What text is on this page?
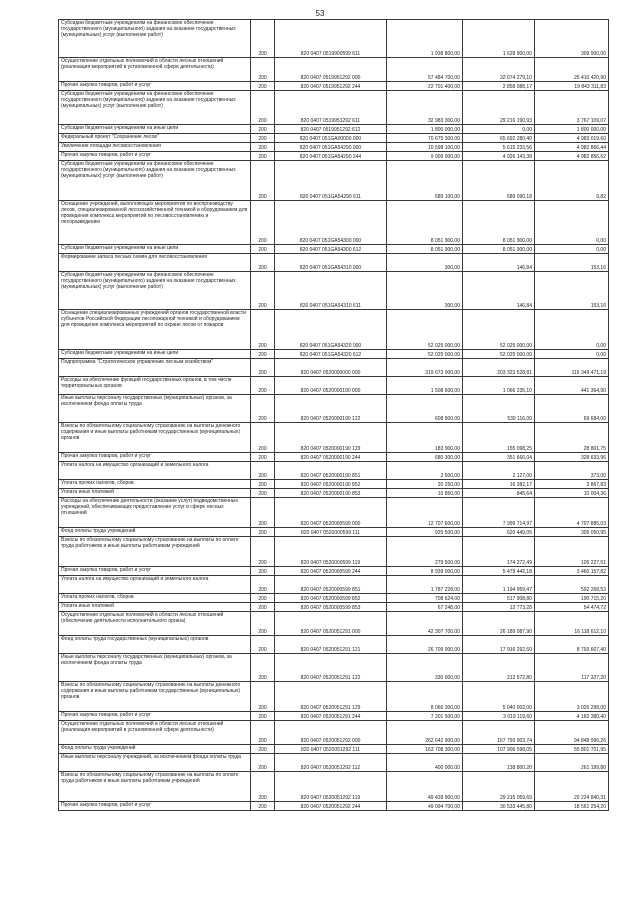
53
Субсидии бюджетным учреждениям на финансовое обеспечение государственного (муниципального) задания на оказание государственных (муниципальных) услуг (выполнение работ)	200	820 0407 0519900599 611	1 938 800,00	1 628 900,00	309 900,00
Осуществление отдельных полномочий в области лесных отношений (реализация мероприятий в установленной сфере деятельности)	200	820 0407 0519951292 000	57 484 700,00	32 074 279,10	25 410 420,90
Прочая закупка товаров, работ и услуг	200	820 0407 0519951292 244	22 701 400,00	2 858 088,17	19 843 311,83
Субсидии бюджетным учреждениям на финансовое обеспечение государственного (муниципального) задания на оказание государственных (муниципальных) услуг (выполнение работ)	200	820 0407 0519951292 611	32 983 300,00	29 216 190,93	3 767 109,07
Субсидии бюджетным учреждениям на иные цели	200	820 0407 0519951292 612	1 800 000,00	0,00	1 800 000,00
Федеральный проект "Сохранение лесов"	200	820 0407 051GA00000 000	70 675 300,00	65 692 280,40	4 983 019,60
Увеличение площади лесовосстановления	200	820 0407 051GA54290 000	10 598 100,00	5 615 233,56	4 982 866,44
Прочая закупка товаров, работ и услуг	200	820 0407 051GA54290 244	9 909 000,00	4 926 143,38	4 982 856,62
Субсидии бюджетным учреждениям на финансовое обеспечение государственного (муниципального) задания на оказание государственных (муниципальных) услуг (выполнение работ)	200	820 0407 051GA54290 611	689 100,00	689 090,18	9,82
Оснащение учреждений, выполняющих мероприятия по воспроизводству лесов, специализированной лесохозяйственной техникой и оборудованием для проведения комплекса мероприятий по лесовосстановлению и лесоразведению	200	820 0407 051GA54300 000	8 051 900,00	8 051 900,00	0,00
Субсидии бюджетным учреждениям на иные цели	200	820 0407 051GA54300 612	8 051 900,00	8 051 900,00	0,00
Формирование запаса лесных семян для лесовосстановления	200	820 0407 051GA54310 000	300,00	146,84	153,16
Субсидии бюджетным учреждениям на финансовое обеспечение государственного (муниципального) задания на оказание государственных (муниципальных) услуг (выполнение работ)	200	820 0407 051GA54310 611	300,00	146,84	153,16
Оснащение специализированных учреждений органов государственной власти субъектов Российской Федерации лесопожарной техникой и оборудованием для проведения комплекса мероприятий по охране лесов от пожаров	200	820 0407 051GA54320 000	52 025 000,00	52 025 000,00	0,00
Субсидии бюджетным учреждениям на иные цели	200	820 0407 051GA54320 612	52 025 000,00	52 025 000,00	0,00
Подпрограмма "Стратегическое управление лесным хозяйством"	200	820 0407 0520000000 000	319 673 000,00	203 323 528,81	116 349 471,19
Расходы на обеспечение функций государственных органов, в том числе территориальных органов	200	820 0407 0520000190 000	1 508 600,00	1 066 235,10	441 364,90
Иные выплаты персоналу государственных (муниципальных) органов, за исключением фонда оплаты труда	200	820 0407 0520000190 122	608 900,00	539 116,00	69 684,00
Взносы по обязательному социальному страхованию на выплаты денежного содержания и иные выплаты работникам государственных (муниципальных) органов	200	820 0407 0520000190 129	183 900,00	155 098,25	28 801,75
Прочая закупка товаров, работ и услуг	200	820 0407 0520000190 244	680 300,00	351 666,04	328 633,96
Уплата налога на имущество организаций и земельного налога	200	820 0407 0520000190 851	2 500,00	2 127,00	373,00
Уплата прочих налогов, сборов	200	820 0407 0520000190 852	20 250,00	16 382,17	3 867,83
Уплата иных платежей	200	820 0407 0520000190 853	10 850,00	845,64	10 004,36
Расходы на обеспечение деятельности (оказание услуг) подведомственных учреждений, обеспечивающих предоставление услуг в сфере лесных отношений	200	820 0407 0520000599 000	12 707 600,00	7 999 714,97	4 707 885,03
Фонд оплаты труда учреждений	200	820 0407 0520000599 111	925 500,00	620 449,05	305 050,95
Взносы по обязательному социальному страхованию на выплаты по оплате труда работников и иные выплаты работникам учреждений	200	820 0407 0520000599 119	279 500,00	174 272,49	105 227,51
Прочая закупка товаров, работ и услуг	200	820 0407 0520000599 244	8 939 000,00	5 479 442,18	3 460 157,82
Уплата налога на имущество организаций и земельного налога	200	820 0407 0520000599 851	1 787 228,00	1 194 959,47	592 268,53
Уплата прочих налогов, сборов	200	820 0407 0520000599 852	708 624,00	517 908,80	190 715,20
Уплата иных платежей	200	820 0407 0520000599 853	67 248,00	12 773,28	54 474,72
Осуществление отдельных полномочий в области лесных отношений (обеспечение деятельности исполнительного органа)	200	820 0407 0520051291 000	42 307 700,00	26 189 087,90	16 118 612,10
Фонд оплаты труда государственных (муниципальных) органов	200	820 0407 0520051291 121	26 709 900,00	17 916 292,60	8 793 607,40
Иные выплаты персоналу государственных (муниципальных) органов, за исключением фонда оплаты труда	200	820 0407 0520051291 122	330 000,00	212 672,80	117 327,20
Взносы по обязательному социальному страхованию на выплаты денежного содержания и иные выплаты работникам государственных (муниципальных) органов	200	820 0407 0520051291 129	8 066 300,00	5 040 002,00	3 026 298,00
Прочая закупка товаров, работ и услуг	200	820 0407 0520051291 244	7 201 500,00	3 019 119,60	4 182 380,40
Осуществление отдельных полномочий в области лесных отношений (реализация мероприятий в установленной сфере деятельности)	200	820 0407 0520051292 000	262 642 900,00	167 793 903,74	94 848 996,26
Фонд оплаты труда учреждений	200	820 0407 0520051292 111	163 708 300,00	107 906 598,05	55 801 701,95
Иные выплаты персоналу учреждений, за исключением фонда оплаты труда	200	820 0407 0520051292 112	400 000,00	138 800,20	261 199,80
Взносы по обязательному социальному страхованию на выплаты по оплате труда работников и иные выплаты работникам учреждений	200	820 0407 0520051292 119	49 439 900,00	29 215 059,69	20 224 840,31
Прочая закупка товаров, работ и услуг	200	820 0407 0520051292 244	49 094 700,00	30 533 445,80	18 561 254,20
